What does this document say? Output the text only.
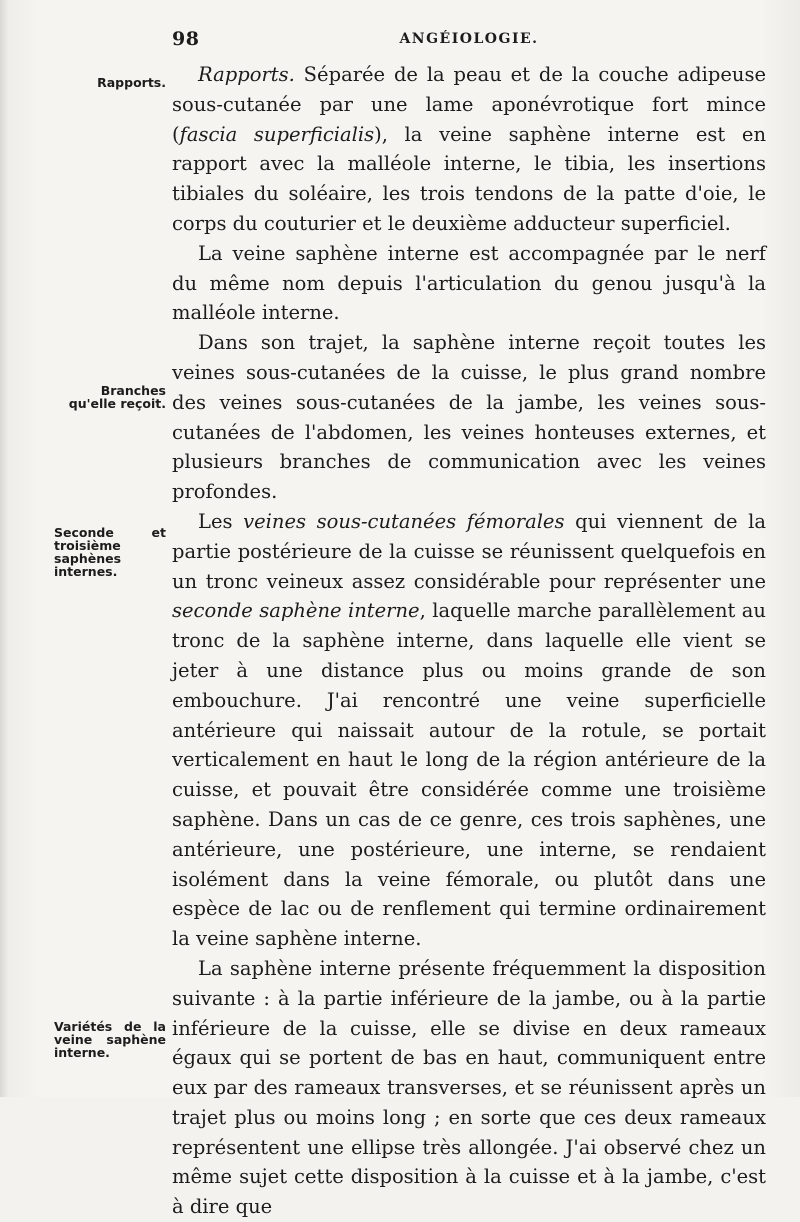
98	ANGÉIOLOGIE.
Rapports.
Branches
qu'elle reçoit.
Seconde et troisième saphènes internes.
Variétés de la veine saphène interne.

Rapports. Séparée de la peau et de la couche adipeuse sous-cutanée par une lame aponévrotique fort mince (fascia superficialis), la veine saphène interne est en rapport avec la malléole interne, le tibia, les insertions tibiales du soléaire, les trois tendons de la patte d'oie, le corps du couturier et le deuxième adducteur superficiel.

La veine saphène interne est accompagnée par le nerf du même nom depuis l'articulation du genou jusqu'à la malléole interne.

Dans son trajet, la saphène interne reçoit toutes les veines sous-cutanées de la cuisse, le plus grand nombre des veines sous-cutanées de la jambe, les veines sous-cutanées de l'abdomen, les veines honteuses externes, et plusieurs branches de communication avec les veines profondes.

Les veines sous-cutanées fémorales qui viennent de la partie postérieure de la cuisse se réunissent quelquefois en un tronc veineux assez considérable pour représenter une seconde saphène interne, laquelle marche parallèlement au tronc de la saphène interne, dans laquelle elle vient se jeter à une distance plus ou moins grande de son embouchure. J'ai rencontré une veine superficielle antérieure qui naissait autour de la rotule, se portait verticalement en haut le long de la région antérieure de la cuisse, et pouvait être considérée comme une troisième saphène. Dans un cas de ce genre, ces trois saphènes, une antérieure, une postérieure, une interne, se rendaient isolément dans la veine fémorale, ou plutôt dans une espèce de lac ou de renflement qui termine ordinairement la veine saphène interne.

La saphène interne présente fréquemment la disposition suivante : à la partie inférieure de la jambe, ou à la partie inférieure de la cuisse, elle se divise en deux rameaux égaux qui se portent de bas en haut, communiquent entre eux par des rameaux transverses, et se réunissent après un trajet plus ou moins long ; en sorte que ces deux rameaux représentent une ellipse très allongée. J'ai observé chez un même sujet cette disposition à la cuisse et à la jambe, c'est à dire que
